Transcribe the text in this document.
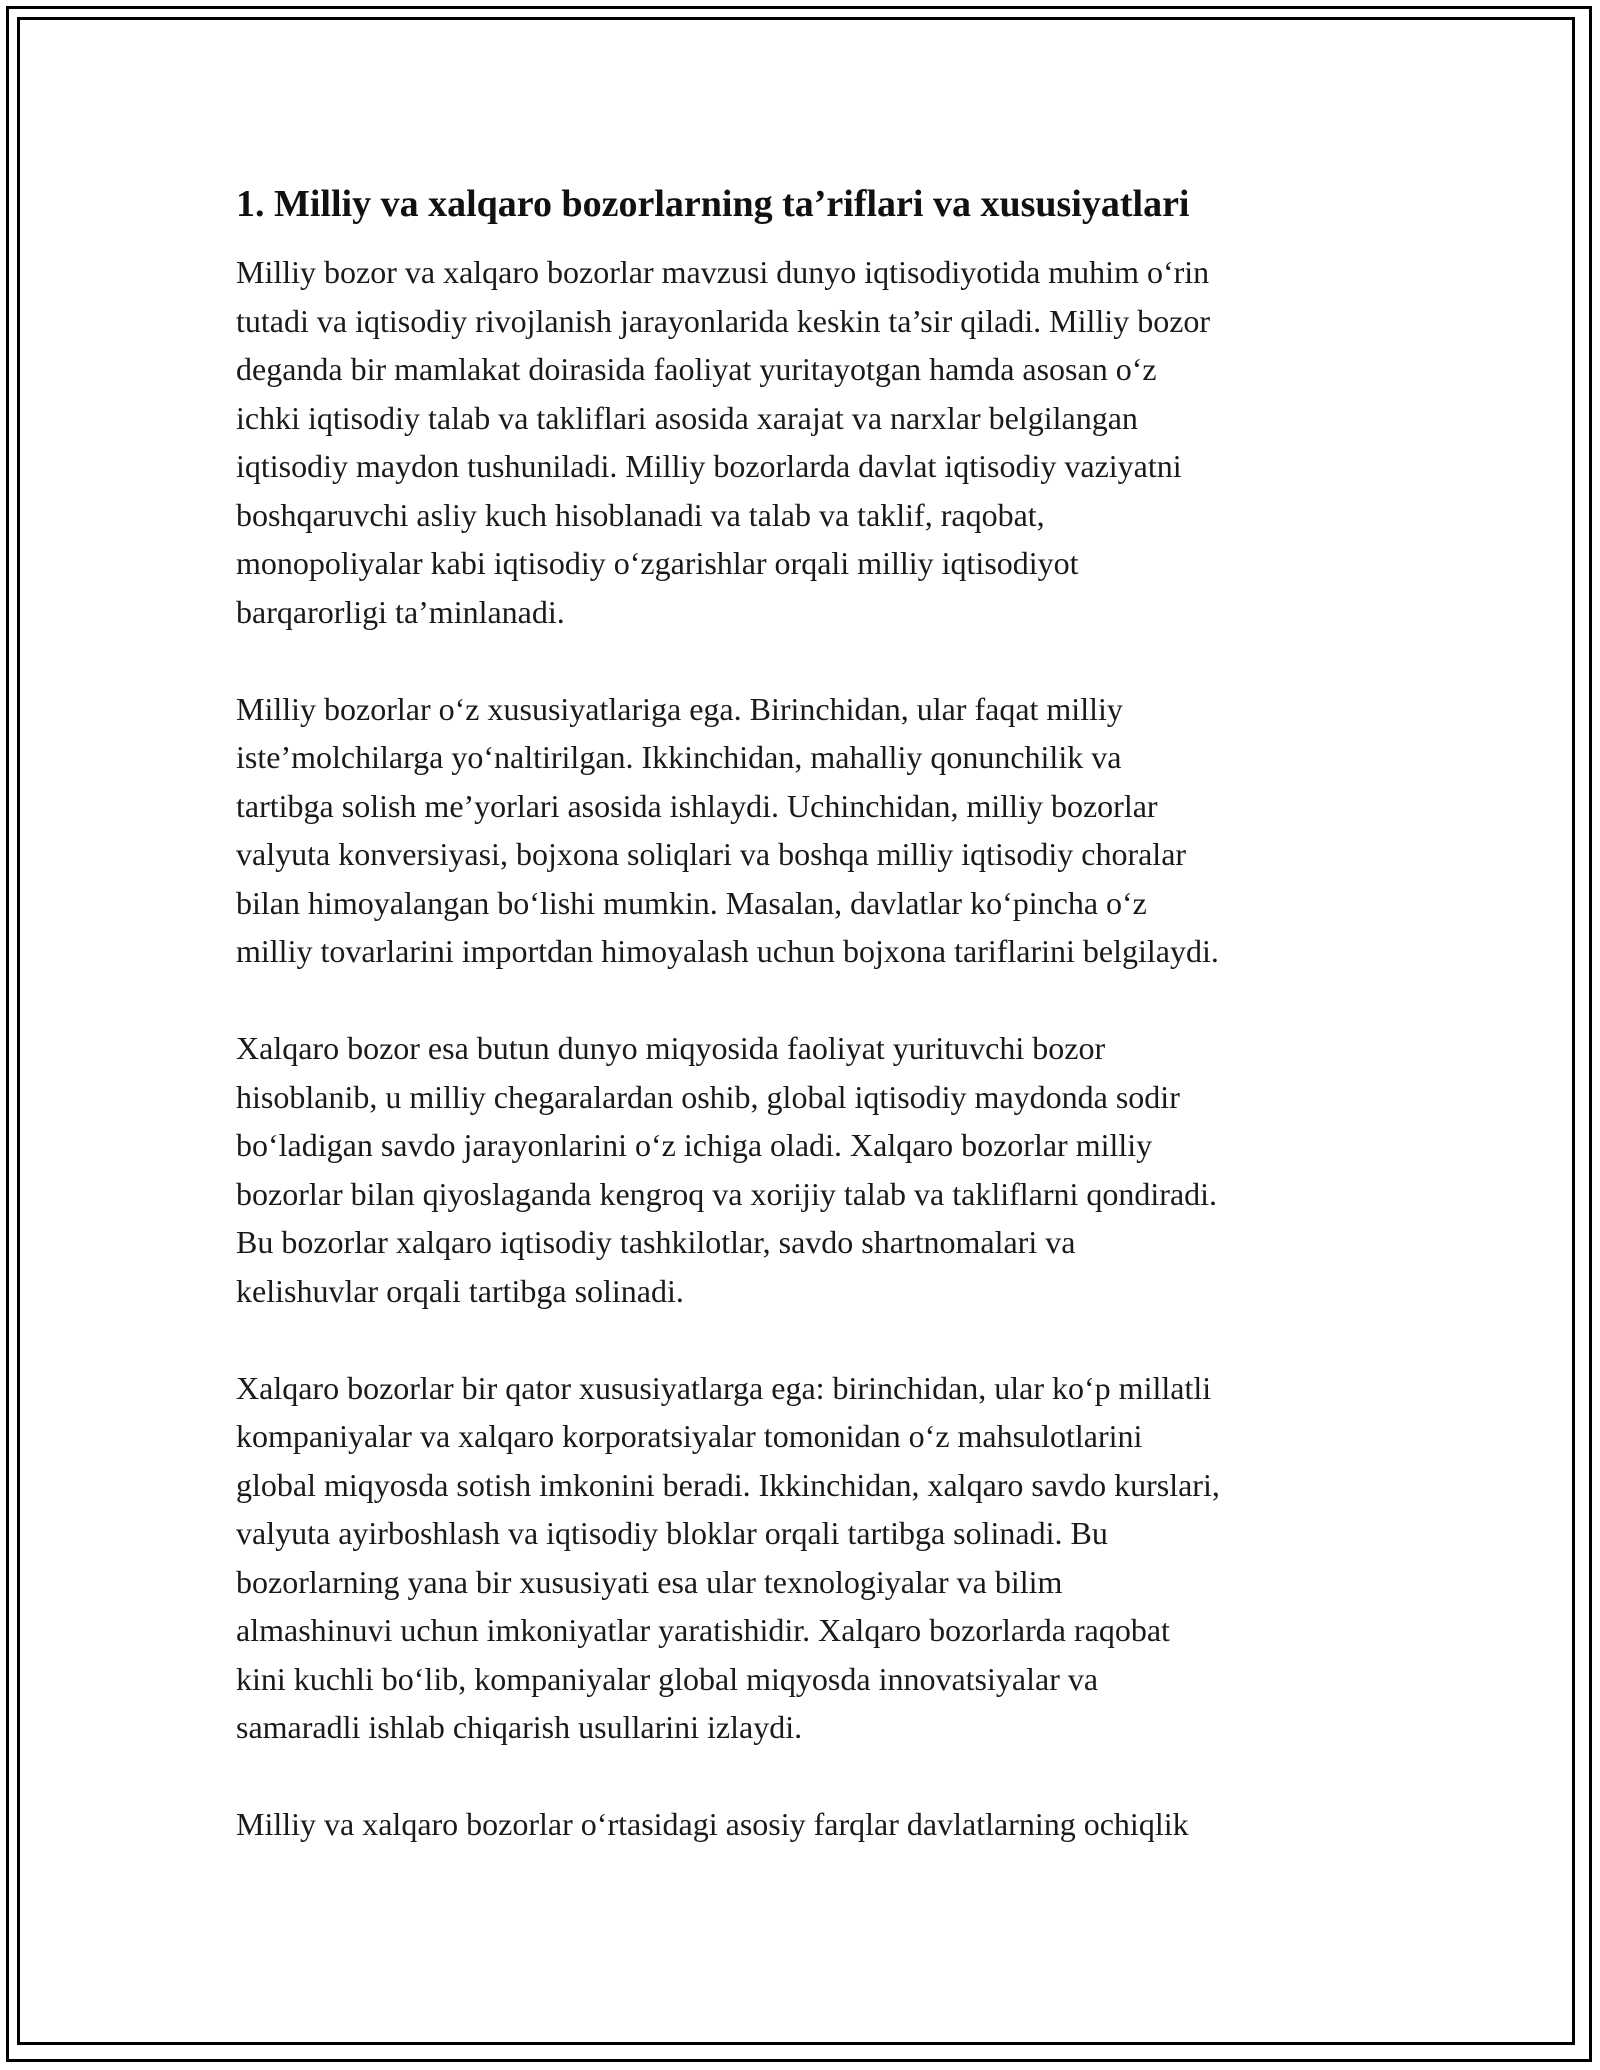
1. Milliy va xalqaro bozorlarning ta’riflari va xususiyatlari

Milliy bozor va xalqaro bozorlar mavzusi dunyo iqtisodiyotida muhim o‘rin
tutadi va iqtisodiy rivojlanish jarayonlarida keskin ta’sir qiladi. Milliy bozor
deganda bir mamlakat doirasida faoliyat yuritayotgan hamda asosan o‘z
ichki iqtisodiy talab va takliflari asosida xarajat va narxlar belgilangan
iqtisodiy maydon tushuniladi. Milliy bozorlarda davlat iqtisodiy vaziyatni
boshqaruvchi asliy kuch hisoblanadi va talab va taklif, raqobat,
monopoliyalar kabi iqtisodiy o‘zgarishlar orqali milliy iqtisodiyot
barqarorligi ta’minlanadi.

Milliy bozorlar o‘z xususiyatlariga ega. Birinchidan, ular faqat milliy
iste’molchilarga yo‘naltirilgan. Ikkinchidan, mahalliy qonunchilik va
tartibga solish me’yorlari asosida ishlaydi. Uchinchidan, milliy bozorlar
valyuta konversiyasi, bojxona soliqlari va boshqa milliy iqtisodiy choralar
bilan himoyalangan bo‘lishi mumkin. Masalan, davlatlar ko‘pincha o‘z
milliy tovarlarini importdan himoyalash uchun bojxona tariflarini belgilaydi.

Xalqaro bozor esa butun dunyo miqyosida faoliyat yurituvchi bozor
hisoblanib, u milliy chegaralardan oshib, global iqtisodiy maydonda sodir
bo‘ladigan savdo jarayonlarini o‘z ichiga oladi. Xalqaro bozorlar milliy
bozorlar bilan qiyoslaganda kengroq va xorijiy talab va takliflarni qondiradi.
Bu bozorlar xalqaro iqtisodiy tashkilotlar, savdo shartnomalari va
kelishuvlar orqali tartibga solinadi.

Xalqaro bozorlar bir qator xususiyatlarga ega: birinchidan, ular ko‘p millatli
kompaniyalar va xalqaro korporatsiyalar tomonidan o‘z mahsulotlarini
global miqyosda sotish imkonini beradi. Ikkinchidan, xalqaro savdo kurslari,
valyuta ayirboshlash va iqtisodiy bloklar orqali tartibga solinadi. Bu
bozorlarning yana bir xususiyati esa ular texnologiyalar va bilim
almashinuvi uchun imkoniyatlar yaratishidir. Xalqaro bozorlarda raqobat
kini kuchli bo‘lib, kompaniyalar global miqyosda innovatsiyalar va
samaradli ishlab chiqarish usullarini izlaydi.

Milliy va xalqaro bozorlar o‘rtasidagi asosiy farqlar davlatlarning ochiqlik
